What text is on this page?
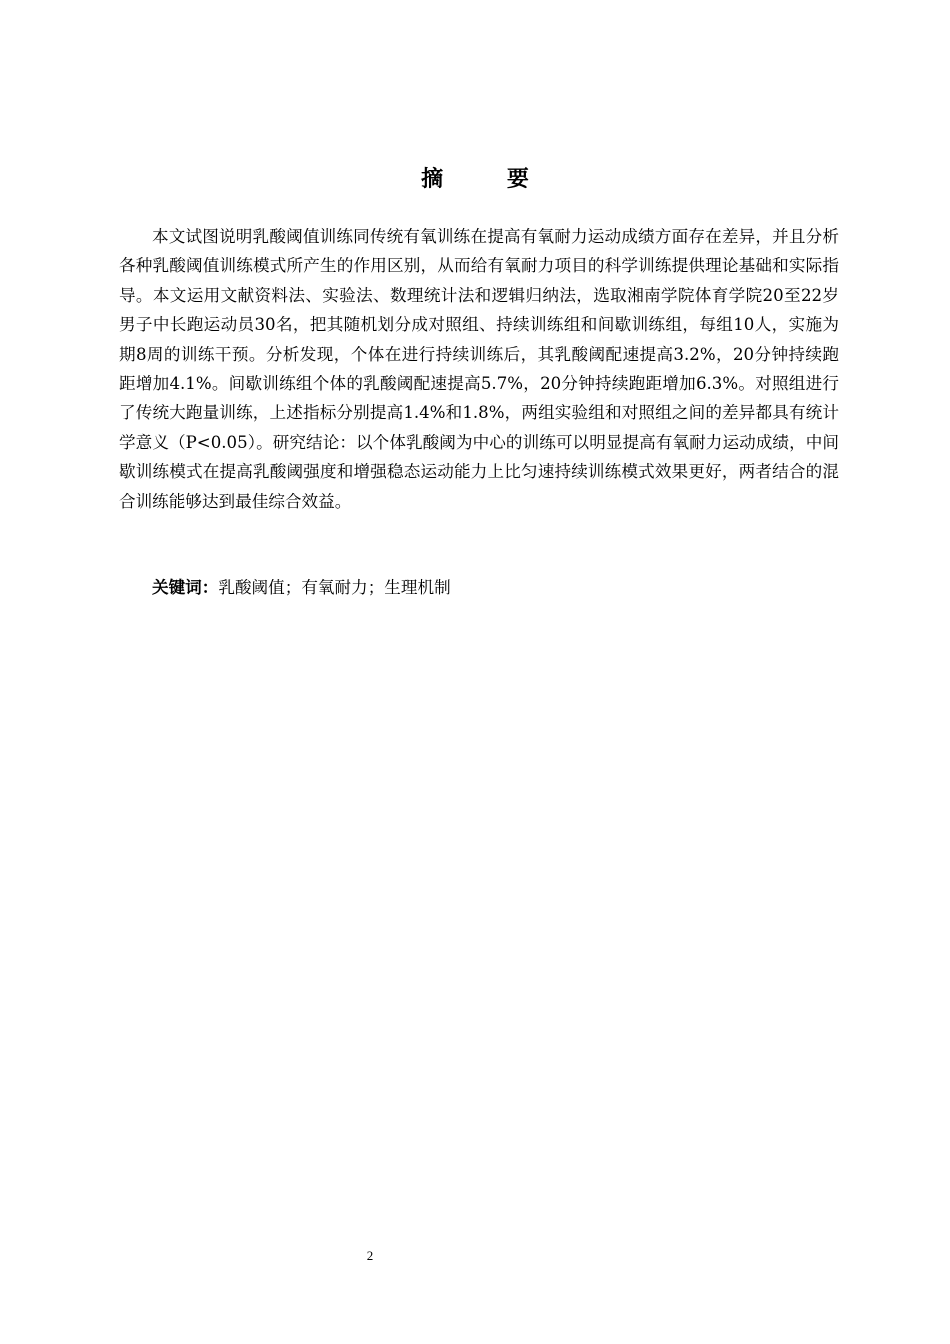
摘 要
本文试图说明乳酸阈值训练同传统有氧训练在提高有氧耐力运动成绩方面存在差异，并且分析各种乳酸阈值训练模式所产生的作用区别，从而给有氧耐力项目的科学训练提供理论基础和实际指导。本文运用文献资料法、实验法、数理统计法和逻辑归纳法，选取湘南学院体育学院20至22岁男子中长跑运动员30名，把其随机划分成对照组、持续训练组和间歇训练组，每组10人，实施为期8周的训练干预。分析发现，个体在进行持续训练后，其乳酸阈配速提高3.2%，20分钟持续跑距增加4.1%。间歇训练组个体的乳酸阈配速提高5.7%，20分钟持续跑距增加6.3%。对照组进行了传统大跑量训练，上述指标分别提高1.4%和1.8%，两组实验组和对照组之间的差异都具有统计学意义（P<0.05）。研究结论：以个体乳酸阈为中心的训练可以明显提高有氧耐力运动成绩，中间歇训练模式在提高乳酸阈强度和增强稳态运动能力上比匀速持续训练模式效果更好，两者结合的混合训练能够达到最佳综合效益。
关键词：乳酸阈值；有氧耐力；生理机制
2
